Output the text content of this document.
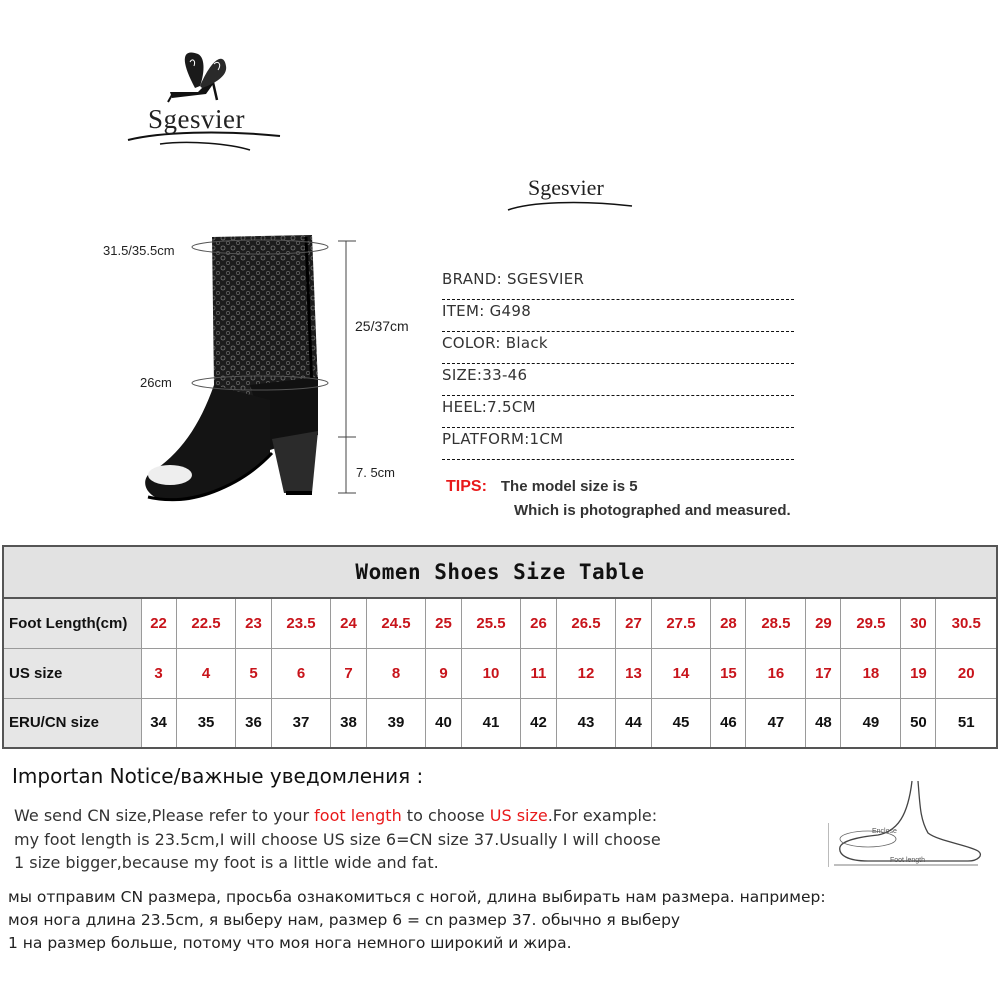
Sgesvier
Sgesvier
31.5/35.5cm
26cm
25/37cm
7. 5cm
BRAND: SGESVIER
ITEM: G498
COLOR: Black
SIZE:33-46
HEEL:7.5CM
PLATFORM:1CM
TIPS: The model size is 5
Which is photographed and measured.
Women Shoes Size Table																		
Foot Length(cm)	22	22.5	23	23.5	24	24.5	25	25.5	26	26.5	27	27.5	28	28.5	29	29.5	30	30.5
US size	3	4	5	6	7	8	9	10	11	12	13	14	15	16	17	18	19	20
ERU/CN size	34	35	36	37	38	39	40	41	42	43	44	45	46	47	48	49	50	51
Importan Notice/важные уведомления :
We send CN size,Please refer to your foot length to choose US size.For example:
my foot length is 23.5cm,I will choose US size 6=CN size 37.Usually I will choose
1 size bigger,because my foot is a little wide and fat.
Enclose
Foot length
мы отправим CN размера, просьба ознакомиться с ногой, длина выбирать нам размера. например:
моя нога длина 23.5cm, я выберу нам, размер 6 = cn размер 37. обычно я выберу
1 на размер больше, потому что моя нога немного широкий и жира.
